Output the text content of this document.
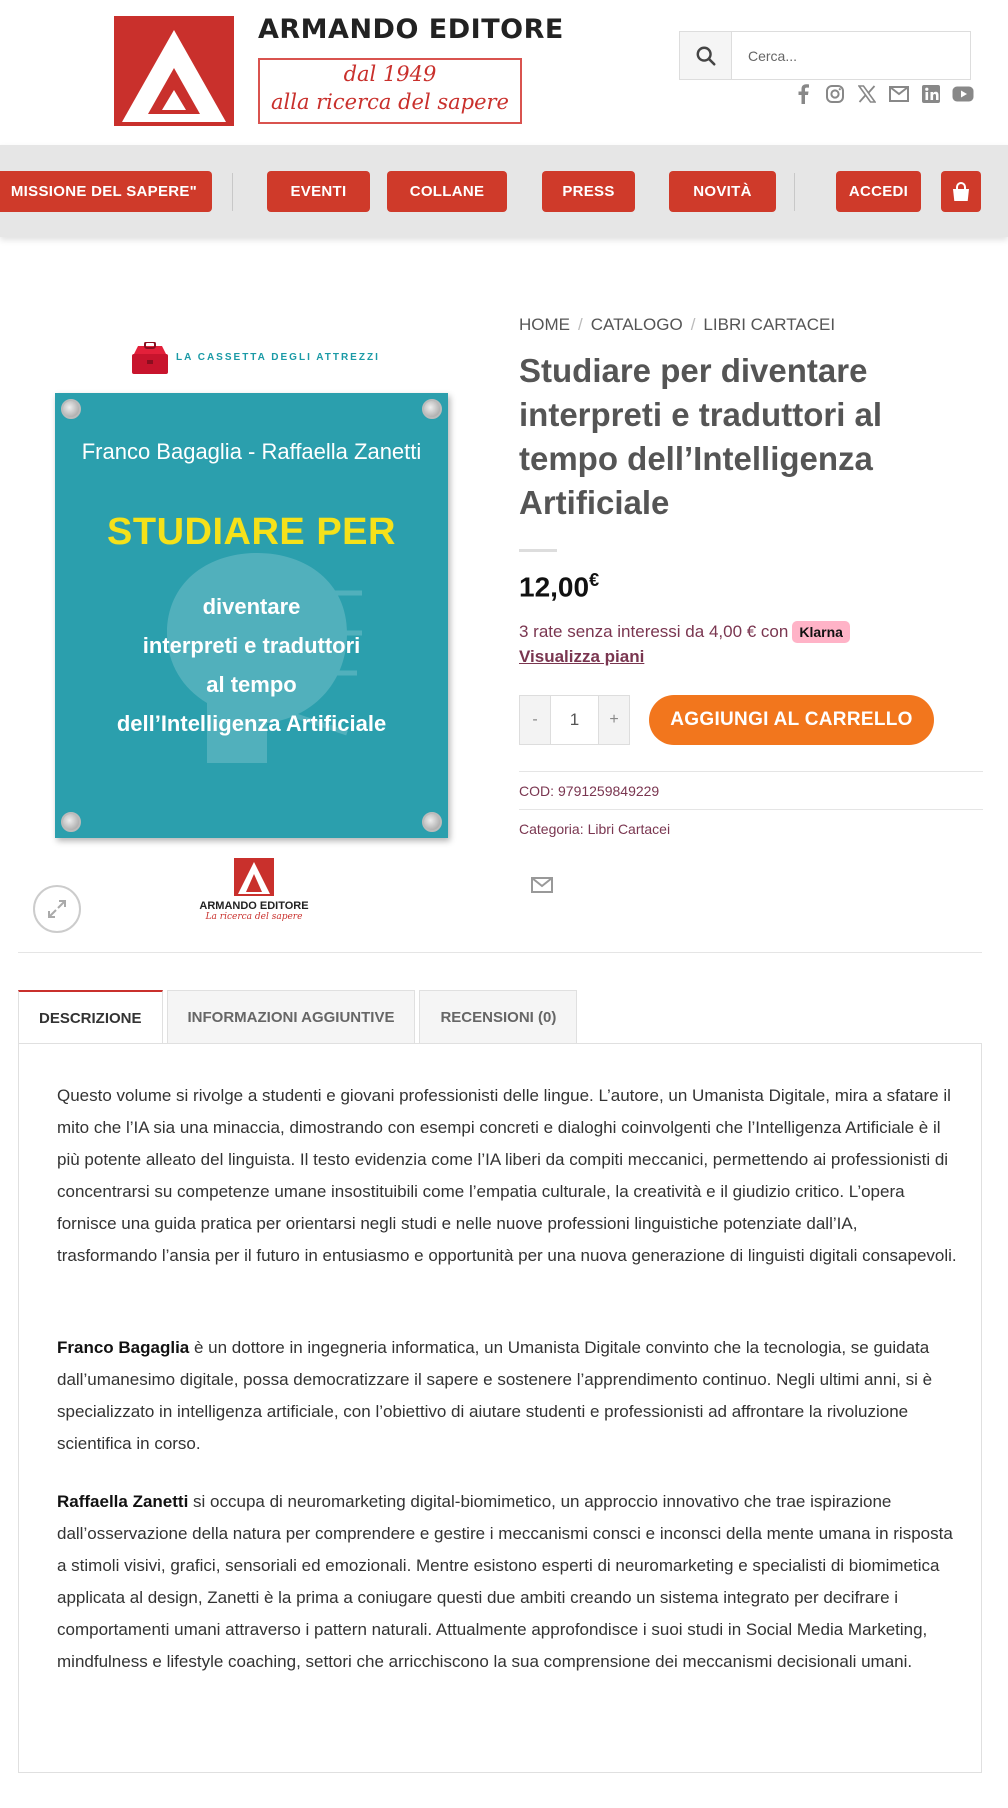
ARMANDO EDITORE
dal 1949
alla ricerca del sapere
Cerca...
MISSIONE DEL SAPERE"	EVENTI	COLLANE	PRESS	NOVITÀ	ACCEDI
LA CASSETTA DEGLI ATTREZZI
Franco Bagaglia - Raffaella Zanetti
STUDIARE PER
diventare
interpreti e traduttori
al tempo
dell’Intelligenza Artificiale
ARMANDO EDITORE
La ricerca del sapere
HOME / CATALOGO / LIBRI CARTACEI
Studiare per diventare interpreti e traduttori al tempo dell’Intelligenza Artificiale
12,00€
3 rate senza interessi da 4,00 € con Klarna
Visualizza piani
-
1	+	AGGIUNGI AL CARRELLO
COD: 9791259849229
Categoria: Libri Cartacei
DESCRIZIONE	INFORMAZIONI AGGIUNTIVE	RECENSIONI (0)

Questo volume si rivolge a studenti e giovani professionisti delle lingue. L’autore, un Umanista Digitale, mira a sfatare il mito che l’IA sia una minaccia, dimostrando con esempi concreti e dialoghi coinvolgenti che l’Intelligenza Artificiale è il più potente alleato del linguista. Il testo evidenzia come l’IA liberi da compiti meccanici, permettendo ai professionisti di concentrarsi su competenze umane insostituibili come l’empatia culturale, la creatività e il giudizio critico. L’opera fornisce una guida pratica per orientarsi negli studi e nelle nuove professioni linguistiche potenziate dall’IA, trasformando l’ansia per il futuro in entusiasmo e opportunità per una nuova generazione di linguisti digitali consapevoli.

Franco Bagaglia è un dottore in ingegneria informatica, un Umanista Digitale convinto che la tecnologia, se guidata dall’umanesimo digitale, possa democratizzare il sapere e sostenere l’apprendimento continuo. Negli ultimi anni, si è specializzato in intelligenza artificiale, con l’obiettivo di aiutare studenti e professionisti ad affrontare la rivoluzione scientifica in corso.

Raffaella Zanetti si occupa di neuromarketing digital-biomimetico, un approccio innovativo che trae ispirazione dall’osservazione della natura per comprendere e gestire i meccanismi consci e inconsci della mente umana in risposta a stimoli visivi, grafici, sensoriali ed emozionali. Mentre esistono esperti di neuromarketing e specialisti di biomimetica applicata al design, Zanetti è la prima a coniugare questi due ambiti creando un sistema integrato per decifrare i comportamenti umani attraverso i pattern naturali. Attualmente approfondisce i suoi studi in Social Media Marketing, mindfulness e lifestyle coaching, settori che arricchiscono la sua comprensione dei meccanismi decisionali umani.
